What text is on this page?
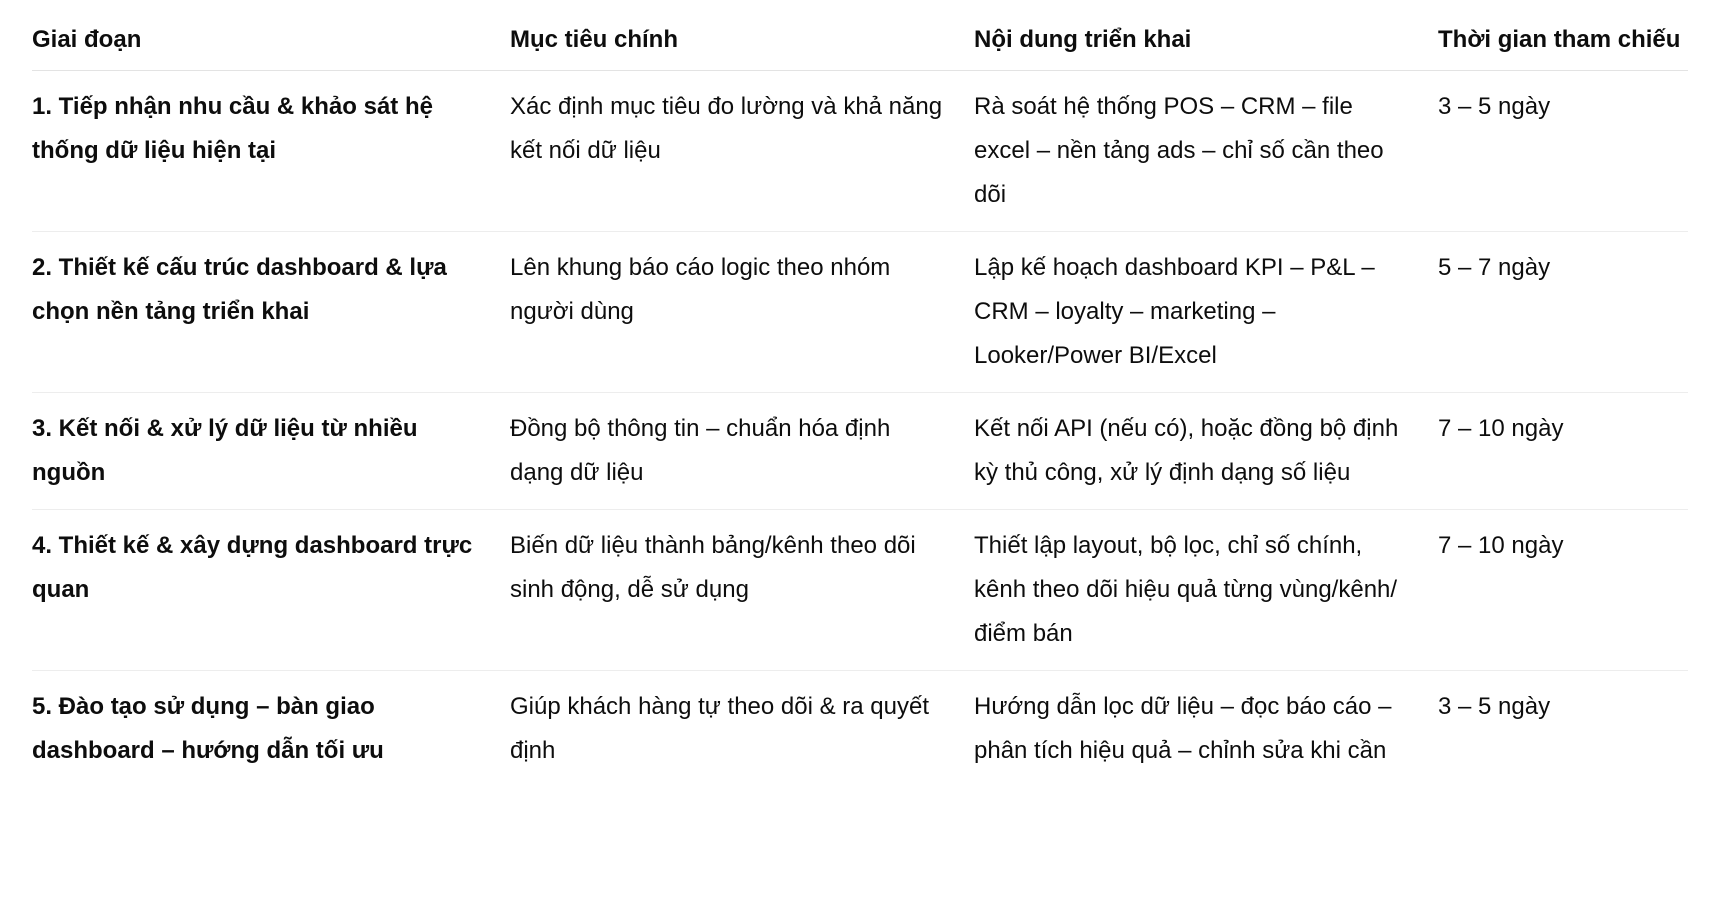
Giai đoạn	Mục tiêu chính	Nội dung triển khai	Thời gian tham chiếu
1. Tiếp nhận nhu cầu & khảo sát hệ thống dữ liệu hiện tại	Xác định mục tiêu đo lường và khả năng kết nối dữ liệu	Rà soát hệ thống POS – CRM – file excel – nền tảng ads – chỉ số cần theo dõi	3 – 5 ngày
2. Thiết kế cấu trúc dashboard & lựa chọn nền tảng triển khai	Lên khung báo cáo logic theo nhóm người dùng	Lập kế hoạch dashboard KPI – P&L – CRM – loyalty – marketing – Looker/Power BI/Excel	5 – 7 ngày
3. Kết nối & xử lý dữ liệu từ nhiều nguồn	Đồng bộ thông tin – chuẩn hóa định dạng dữ liệu	Kết nối API (nếu có), hoặc đồng bộ định kỳ thủ công, xử lý định dạng số liệu	7 – 10 ngày
4. Thiết kế & xây dựng dashboard trực quan	Biến dữ liệu thành bảng/kênh theo dõi sinh động, dễ sử dụng	Thiết lập layout, bộ lọc, chỉ số chính, kênh theo dõi hiệu quả từng vùng/kênh/điểm bán	7 – 10 ngày
5. Đào tạo sử dụng – bàn giao dashboard – hướng dẫn tối ưu	Giúp khách hàng tự theo dõi & ra quyết định	Hướng dẫn lọc dữ liệu – đọc báo cáo – phân tích hiệu quả – chỉnh sửa khi cần	3 – 5 ngày
